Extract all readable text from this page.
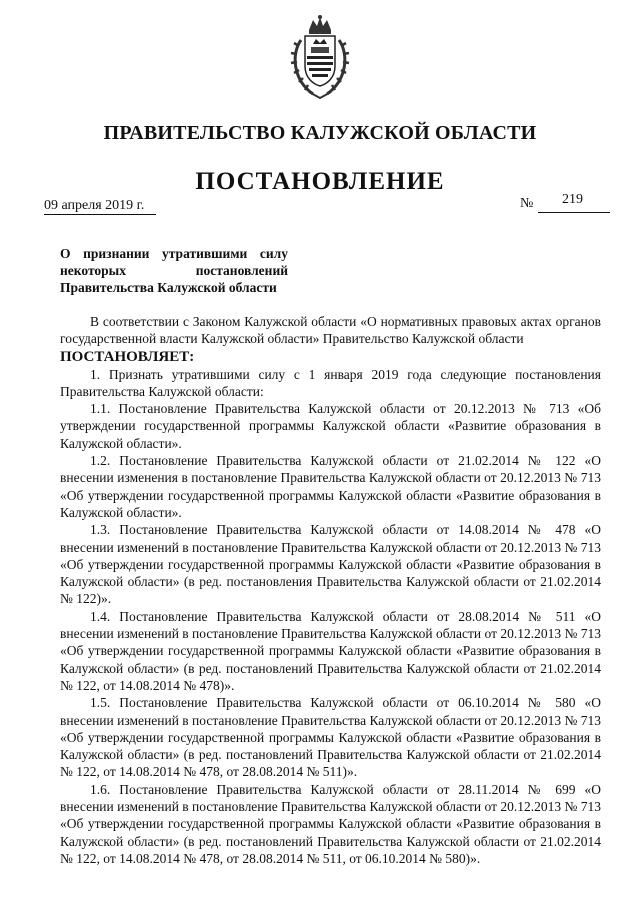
ПРАВИТЕЛЬСТВО КАЛУЖСКОЙ ОБЛАСТИ
ПОСТАНОВЛЕНИЕ
09 апреля 2019 г.	№ 219
О признании утратившими силу
некоторых постановлений
Правительства Калужской области

В соответствии с Законом Калужской области «О нормативных правовых актах органов государственной власти Калужской области» Правительство Калужской области

ПОСТАНОВЛЯЕТ:

1. Признать утратившими силу с 1 января 2019 года следующие постановления Правительства Калужской области:

1.1. Постановление Правительства Калужской области от 20.12.2013 № 713 «Об утверждении государственной программы Калужской области «Развитие образования в Калужской области».

1.2. Постановление Правительства Калужской области от 21.02.2014 № 122 «О внесении изменения в постановление Правительства Калужской области от 20.12.2013 № 713 «Об утверждении государственной программы Калужской области «Развитие образования в Калужской области».

1.3. Постановление Правительства Калужской области от 14.08.2014 № 478 «О внесении изменений в постановление Правительства Калужской области от 20.12.2013 № 713 «Об утверждении государственной программы Калужской области «Развитие образования в Калужской области» (в ред. постановления Правительства Калужской области от 21.02.2014 № 122)».

1.4. Постановление Правительства Калужской области от 28.08.2014 № 511 «О внесении изменений в постановление Правительства Калужской области от 20.12.2013 № 713 «Об утверждении государственной программы Калужской области «Развитие образования в Калужской области» (в ред. постановлений Правительства Калужской области от 21.02.2014 № 122, от 14.08.2014 № 478)».

1.5. Постановление Правительства Калужской области от 06.10.2014 № 580 «О внесении изменений в постановление Правительства Калужской области от 20.12.2013 № 713 «Об утверждении государственной программы Калужской области «Развитие образования в Калужской области» (в ред. постановлений Правительства Калужской области от 21.02.2014 № 122, от 14.08.2014 № 478, от 28.08.2014 № 511)».

1.6. Постановление Правительства Калужской области от 28.11.2014 № 699 «О внесении изменений в постановление Правительства Калужской области от 20.12.2013 № 713 «Об утверждении государственной программы Калужской области «Развитие образования в Калужской области» (в ред. постановлений Правительства Калужской области от 21.02.2014 № 122, от 14.08.2014 № 478, от 28.08.2014 № 511, от 06.10.2014 № 580)».
